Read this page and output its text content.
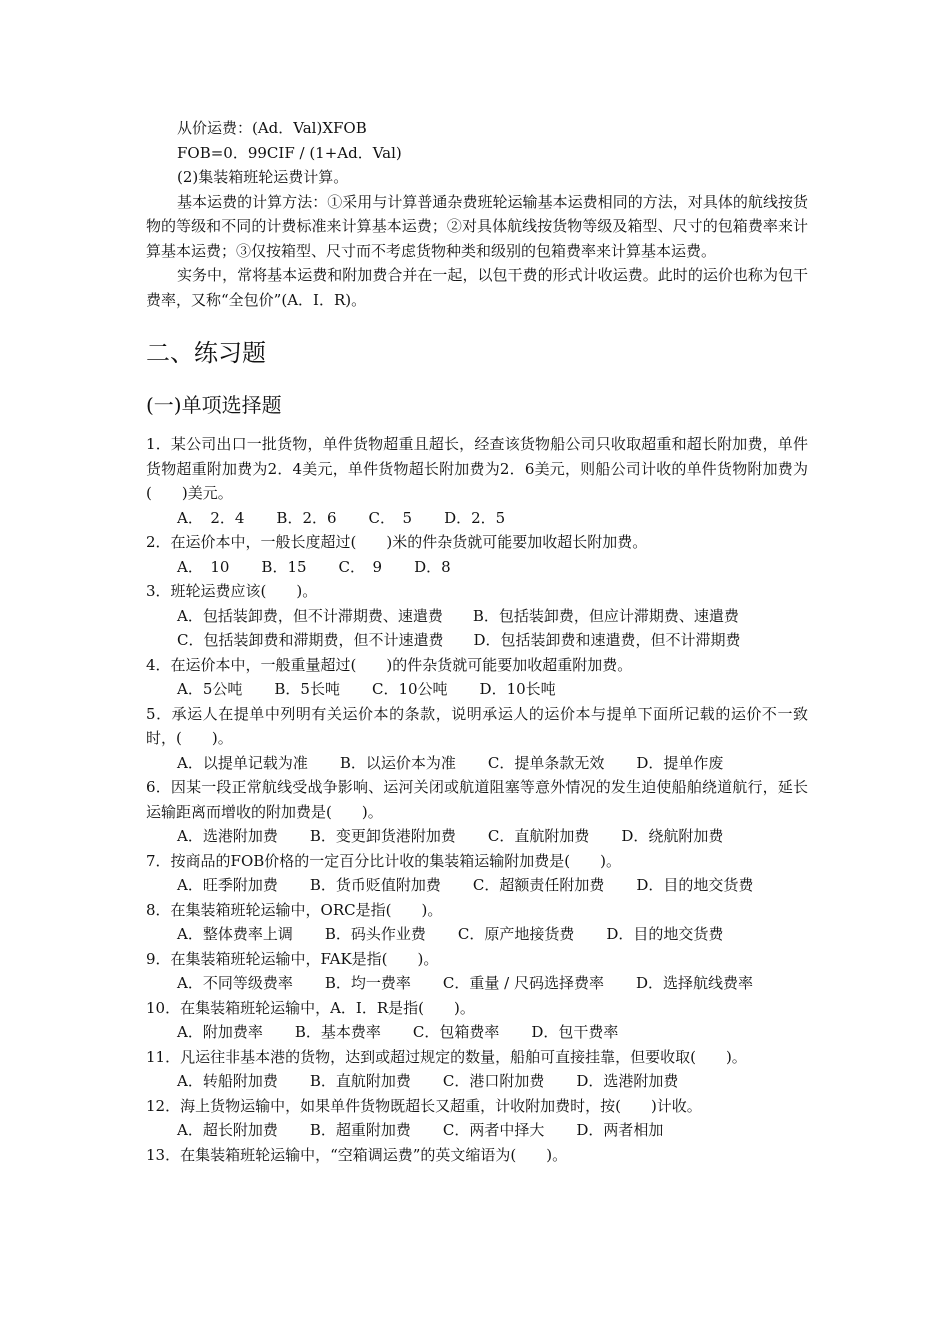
从价运费：(Ad．Val)XFOB

FOB=0．99CIF / (1+Ad．Val)

(2)集装箱班轮运费计算。

基本运费的计算方法：①采用与计算普通杂费班轮运输基本运费相同的方法，对具体的航线按货物的等级和不同的计费标准来计算基本运费；②对具体航线按货物等级及箱型、尺寸的包箱费率来计算基本运费；③仅按箱型、尺寸而不考虑货物种类和级别的包箱费率来计算基本运费。

实务中，常将基本运费和附加费合并在一起，以包干费的形式计收运费。此时的运价也称为包干费率，又称“全包价”(A．I．R)。

二、练习题
(一)单项选择题

1．某公司出口一批货物，单件货物超重且超长，经查该货物船公司只收取超重和超长附加费，单件货物超重附加费为2．4美元，单件货物超长附加费为2．6美元，则船公司计收的单件货物附加费为(　　)美元。

A．　2．4 B．2．6 C．　5 D．2．5

2．在运价本中，一般长度超过(　　)米的件杂货就可能要加收超长附加费。

A．　10 B．15 C．　9 D．8

3．班轮运费应该(　　)。

A．包括装卸费，但不计滞期费、速遣费 B．包括装卸费，但应计滞期费、速遣费
C．包括装卸费和滞期费，但不计速遣费 D．包括装卸费和速遣费，但不计滞期费

4．在运价本中，一般重量超过(　　)的件杂货就可能要加收超重附加费。

A．5公吨 B．5长吨 C．10公吨 D．10长吨

5．承运人在提单中列明有关运价本的条款，说明承运人的运价本与提单下面所记载的运价不一致时，(　　)。

A．以提单记载为准 B．以运价本为准 C．提单条款无效 D．提单作废

6．因某一段正常航线受战争影响、运河关闭或航道阻塞等意外情况的发生迫使船舶绕道航行，延长运输距离而增收的附加费是(　　)。

A．选港附加费 B．变更卸货港附加费 C．直航附加费 D．绕航附加费

7．按商品的FOB价格的一定百分比计收的集装箱运输附加费是(　　)。

A．旺季附加费 B．货币贬值附加费 C．超额责任附加费 D．目的地交货费

8．在集装箱班轮运输中，ORC是指(　　)。

A．整体费率上调 B．码头作业费 C．原产地接货费 D．目的地交货费

9．在集装箱班轮运输中，FAK是指(　　)。

A．不同等级费率 B．均一费率 C．重量 / 尺码选择费率 D．选择航线费率

10．在集装箱班轮运输中，A．I．R是指(　　)。

A．附加费率 B．基本费率 C．包箱费率 D．包干费率

11．凡运往非基本港的货物，达到或超过规定的数量，船舶可直接挂靠，但要收取(　　)。

A．转船附加费 B．直航附加费 C．港口附加费 D．选港附加费

12．海上货物运输中，如果单件货物既超长又超重，计收附加费时，按(　　)计收。

A．超长附加费 B．超重附加费 C．两者中择大 D．两者相加

13．在集装箱班轮运输中，“空箱调运费”的英文缩语为(　　)。
